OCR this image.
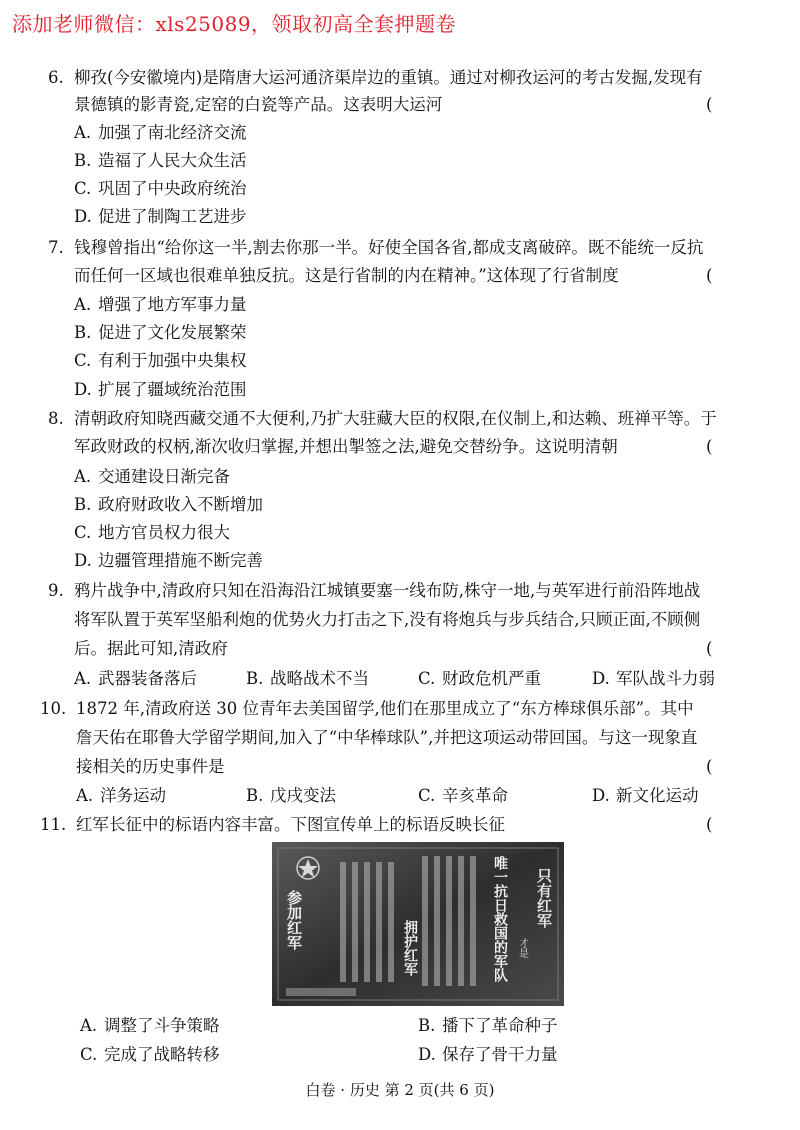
添加老师微信：xls25089，领取初高全套押题卷
6. 柳孜(今安徽境内)是隋唐大运河通济渠岸边的重镇。通过对柳孜运河的考古发掘,发现有
景德镇的影青瓷,定窑的白瓷等产品。这表明大运河	(
A. 加强了南北经济交流
B. 造福了人民大众生活
C. 巩固了中央政府统治
D. 促进了制陶工艺进步
7. 钱穆曾指出“给你这一半,割去你那一半。好使全国各省,都成支离破碎。既不能统一反抗
而任何一区域也很难单独反抗。这是行省制的内在精神。”这体现了行省制度	(
A. 增强了地方军事力量
B. 促进了文化发展繁荣
C. 有利于加强中央集权
D. 扩展了疆域统治范围
8. 清朝政府知晓西藏交通不大便利,乃扩大驻藏大臣的权限,在仪制上,和达赖、班禅平等。于
军政财政的权柄,渐次收归掌握,并想出掣签之法,避免交替纷争。这说明清朝	(
A. 交通建设日渐完备
B. 政府财政收入不断增加
C. 地方官员权力很大
D. 边疆管理措施不断完善
9. 鸦片战争中,清政府只知在沿海沿江城镇要塞一线布防,株守一地,与英军进行前沿阵地战
将军队置于英军坚船利炮的优势火力打击之下,没有将炮兵与步兵结合,只顾正面,不顾侧
后。据此可知,清政府	(
A. 武器装备落后	B. 战略战术不当	C. 财政危机严重	D. 军队战斗力弱
10. 1872 年,清政府送 30 位青年去美国留学,他们在那里成立了“东方棒球俱乐部”。其中
詹天佑在耶鲁大学留学期间,加入了“中华棒球队”,并把这项运动带回国。与这一现象直
接相关的历史事件是	(
A. 洋务运动	B. 戊戌变法	C. 辛亥革命	D. 新文化运动
11. 红军长征中的标语内容丰富。下图宣传单上的标语反映长征	(
A. 调整了斗争策略	B. 播下了革命种子
C. 完成了战略转移	D. 保存了骨干力量
只有红军
才是
唯一抗日救国的军队
参加红军	拥护红军
白卷 · 历史 第 2 页(共 6 页)
